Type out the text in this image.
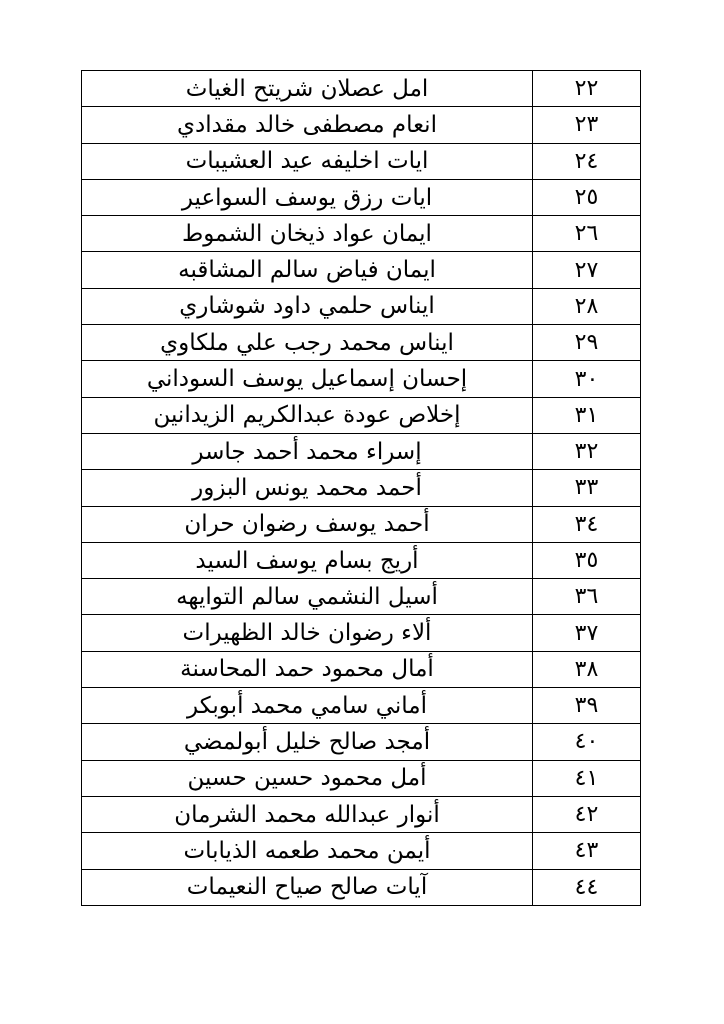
امل عصلان شريتح الغياث	٢٢
انعام مصطفى خالد مقدادي	٢٣
ايات اخليفه عيد العشيبات	٢٤
ايات رزق يوسف السواعير	٢٥
ايمان عواد ذيخان الشموط	٢٦
ايمان فياض سالم المشاقبه	٢٧
ايناس حلمي داود شوشاري	٢٨
ايناس محمد رجب علي ملكاوي	٢٩
إحسان إسماعيل يوسف السوداني	٣٠
إخلاص عودة عبدالكريم الزيدانين	٣١
إسراء محمد أحمد جاسر	٣٢
أحمد محمد يونس البزور	٣٣
أحمد يوسف رضوان حران	٣٤
أريج بسام يوسف السيد	٣٥
أسيل النشمي سالم التوايهه	٣٦
ألاء رضوان خالد الظهيرات	٣٧
أمال محمود حمد المحاسنة	٣٨
أماني سامي محمد أبوبكر	٣٩
أمجد صالح خليل أبولمضي	٤٠
أمل محمود حسين حسين	٤١
أنوار عبدالله محمد الشرمان	٤٢
أيمن محمد طعمه الذيابات	٤٣
آيات صالح صياح النعيمات	٤٤
